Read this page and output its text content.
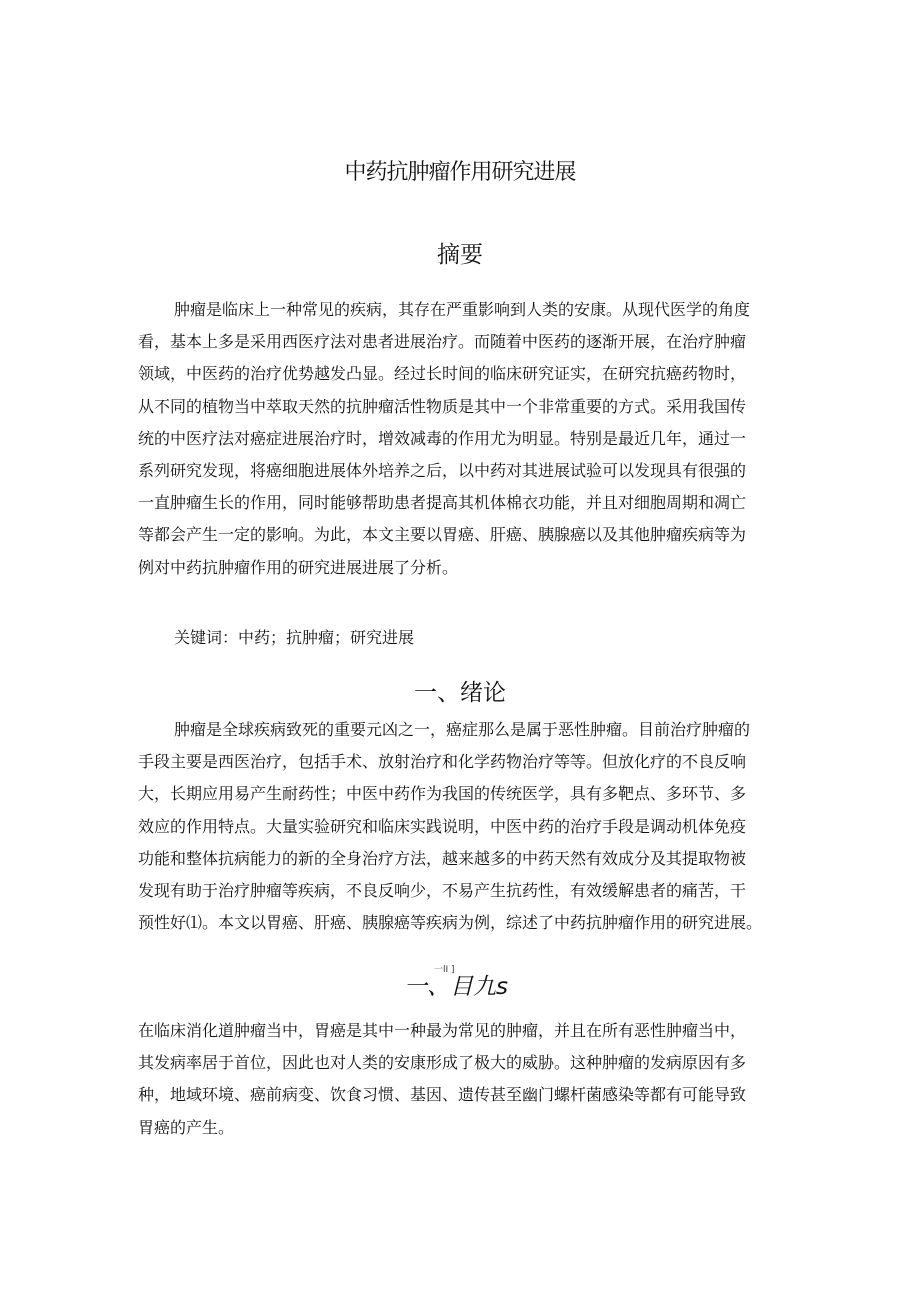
中药抗肿瘤作用研究进展
摘要
肿瘤是临床上一种常见的疾病，其存在严重影响到人类的安康。从现代医学的角度
看，基本上多是采用西医疗法对患者进展治疗。而随着中医药的逐渐开展，在治疗肿瘤
领域，中医药的治疗优势越发凸显。经过长时间的临床研究证实，在研究抗癌药物时，
从不同的植物当中萃取天然的抗肿瘤活性物质是其中一个非常重要的方式。采用我国传
统的中医疗法对癌症进展治疗时，增效减毒的作用尤为明显。特别是最近几年，通过一
系列研究发现，将癌细胞进展体外培养之后，以中药对其进展试验可以发现具有很强的
一直肿瘤生长的作用，同时能够帮助患者提高其机体棉衣功能，并且对细胞周期和凋亡
等都会产生一定的影响。为此，本文主要以胃癌、肝癌、胰腺癌以及其他肿瘤疾病等为
例对中药抗肿瘤作用的研究进展进展了分析。
关键词：中药；抗肿瘤；研究进展
一、绪论
肿瘤是全球疾病致死的重要元凶之一，癌症那么是属于恶性肿瘤。目前治疗肿瘤的
手段主要是西医治疗，包括手术、放射治疗和化学药物治疗等等。但放化疗的不良反响
大，长期应用易产生耐药性；中医中药作为我国的传统医学，具有多靶点、多环节、多
效应的作用特点。大量实验研究和临床实践说明，中医中药的治疗手段是调动机体免疫
功能和整体抗病能力的新的全身治疗方法，越来越多的中药天然有效成分及其提取物被
发现有助于治疗肿瘤等疾病，不良反响少，不易产生抗药性，有效缓解患者的痛苦，干
预性好⑴。本文以胃癌、肝癌、胰腺癌等疾病为例，综述了中药抗肿瘤作用的研究进展。
一、目九s
一lI ]
在临床消化道肿瘤当中，胃癌是其中一种最为常见的肿瘤，并且在所有恶性肿瘤当中，
其发病率居于首位，因此也对人类的安康形成了极大的威胁。这种肿瘤的发病原因有多
种，地域环境、癌前病变、饮食习惯、基因、遗传甚至幽门螺杆菌感染等都有可能导致
胃癌的产生。
